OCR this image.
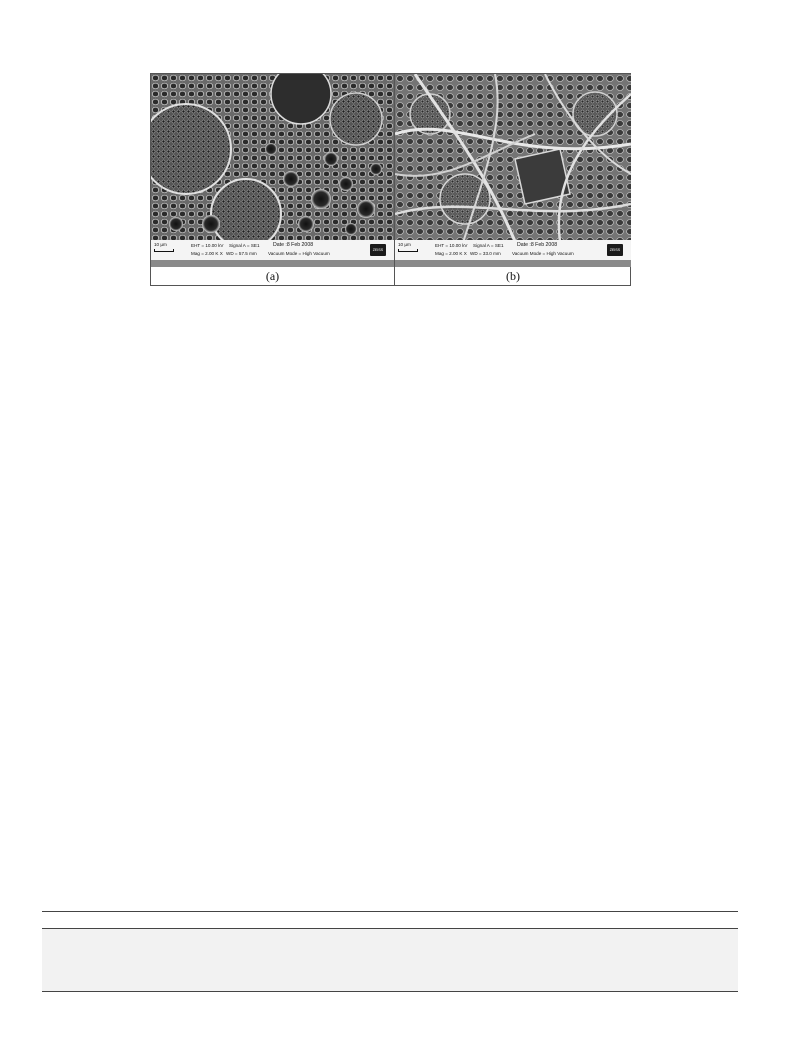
10 µm	EHT = 10.00 kV
Mag = 2.00 K X
Signal A = SE1
WD = 57.5 mm
Date :8 Feb 2008
Vacuum Mode = High Vacuum
ZEISS
(a)
10 µm	EHT = 10.00 kV
Mag = 2.00 K X
Signal A = SE1
WD = 33.0 mm
Date :8 Feb 2008
Vacuum Mode = High Vacuum
ZEISS
(b)
